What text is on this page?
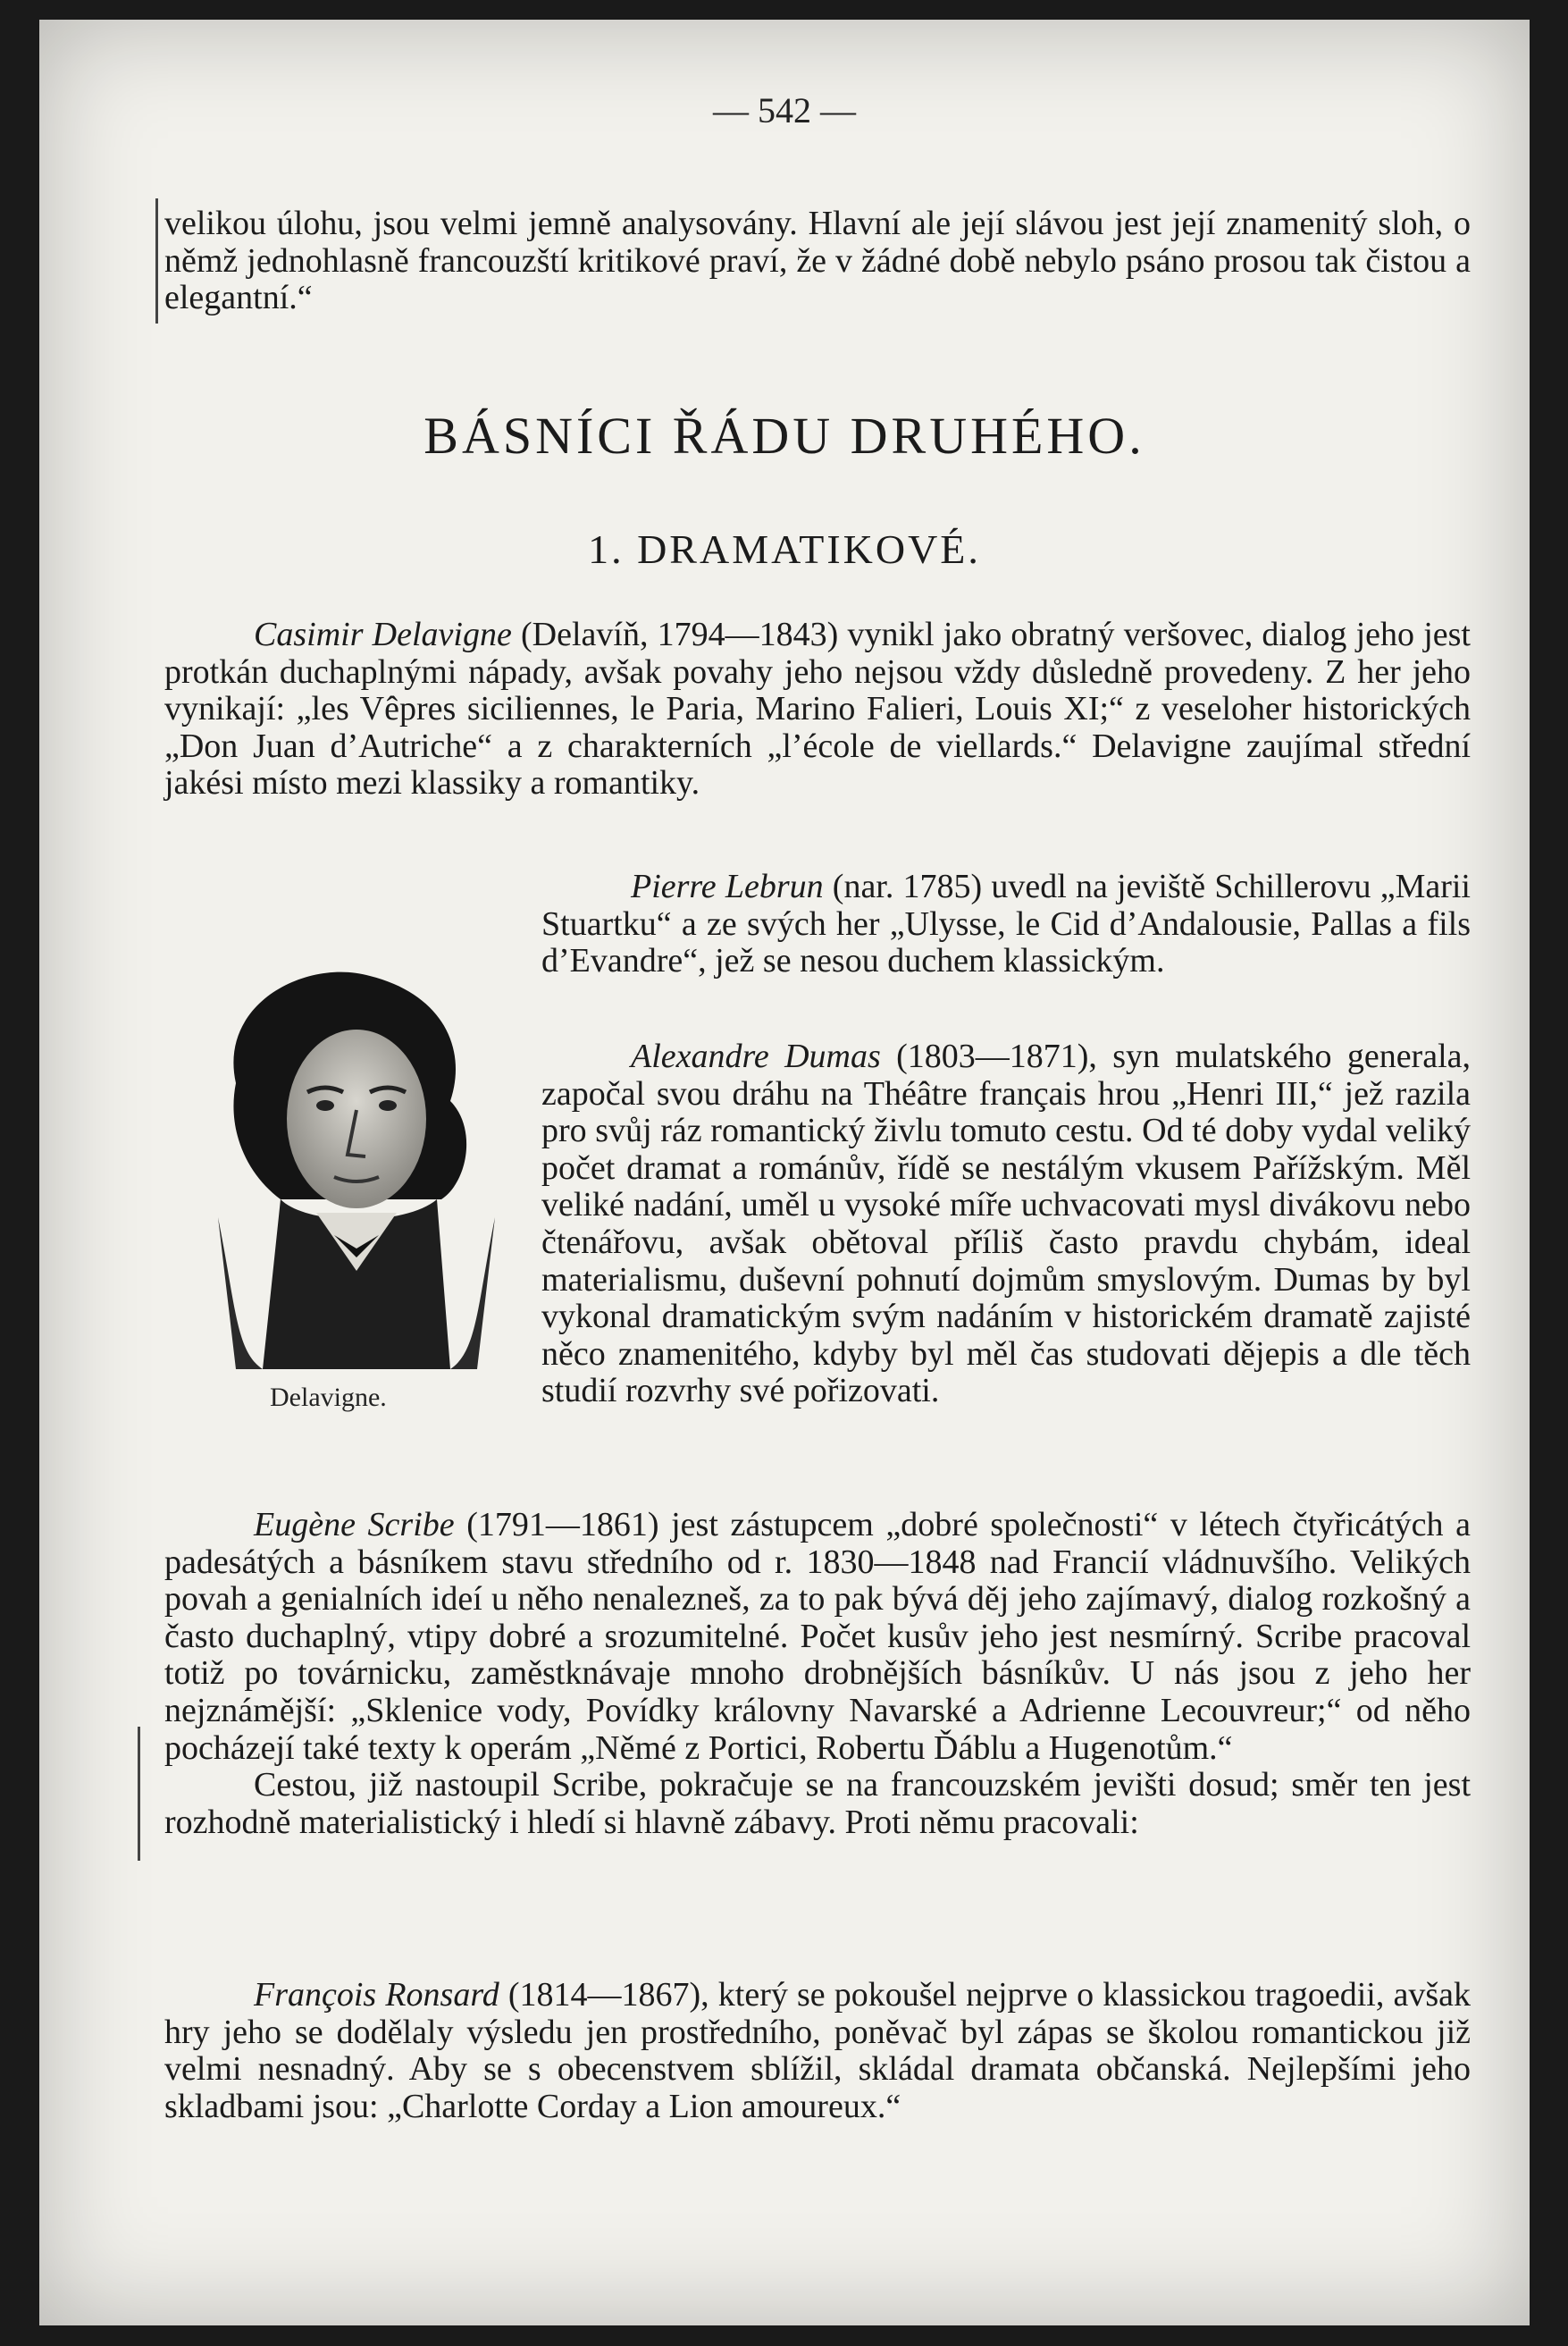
— 542 —

velikou úlohu, jsou velmi jemně analysovány. Hlavní ale její slávou jest její znamenitý sloh, o němž jednohlasně francouzští kritikové praví, že v žádné době nebylo psáno prosou tak čistou a elegantní.“

BÁSNÍCI ŘÁDU DRUHÉHO.
1. DRAMATIKOVÉ.

Casimir Delavigne (Delavíň, 1794—1843) vynikl jako obratný veršovec, dialog jeho jest protkán duchaplnými nápady, avšak povahy jeho nejsou vždy důsledně provedeny. Z her jeho vynikají: „les Vêpres siciliennes, le Paria, Marino Falieri, Louis XI;“ z veseloher historických „Don Juan d’Autriche“ a z charakterních „l’école de viellards.“ Delavigne zaujímal střední jakési místo mezi klassiky a romantiky.

Pierre Lebrun (nar. 1785) uvedl na jeviště Schillerovu „Marii Stuartku“ a ze svých her „Ulysse, le Cid d’Andalousie, Pallas a fils d’Evandre“, jež se nesou duchem klassickým.

Delavigne.

Alexandre Dumas (1803—1871), syn mulatského generala, započal svou dráhu na Théâtre français hrou „Henri III,“ jež razila pro svůj ráz romantický živlu tomuto cestu. Od té doby vydal veliký počet dramat a románův, řídě se nestálým vkusem Pařížským. Měl veliké nadání, uměl u vysoké míře uchvacovati mysl divákovu nebo čtenářovu, avšak obětoval příliš často pravdu chybám, ideal materialismu, duševní pohnutí dojmům smyslovým. Dumas by byl vykonal dramatickým svým nadáním v historickém dramatě zajisté něco znamenitého, kdyby byl měl čas studovati dějepis a dle těch studií rozvrhy své pořizovati.

Eugène Scribe (1791—1861) jest zástupcem „dobré společnosti“ v létech čtyřicátých a padesátých a básníkem stavu středního od r. 1830—1848 nad Francií vládnuvšího. Velikých povah a genialních ideí u něho nenalezneš, za to pak bývá děj jeho zajímavý, dialog rozkošný a často duchaplný, vtipy dobré a srozumitelné. Počet kusův jeho jest nesmírný. Scribe pracoval totiž po továrnicku, zaměstknávaje mnoho drobnějších básníkův. U nás jsou z jeho her nejznámější: „Sklenice vody, Povídky královny Navarské a Adrienne Lecouvreur;“ od něho pocházejí také texty k operám „Němé z Portici, Robertu Ďáblu a Hugenotům.“

Cestou, již nastoupil Scribe, pokračuje se na francouzském jevišti dosud; směr ten jest rozhodně materialistický i hledí si hlavně zábavy. Proti němu pracovali:

François Ronsard (1814—1867), který se pokoušel nejprve o klassickou tragoedii, avšak hry jeho se dodělaly výsledu jen prostředního, poněvač byl zápas se školou romantickou již velmi nesnadný. Aby se s obecenstvem sblížil, skládal dramata občanská. Nejlepšími jeho skladbami jsou: „Charlotte Corday a Lion amoureux.“
